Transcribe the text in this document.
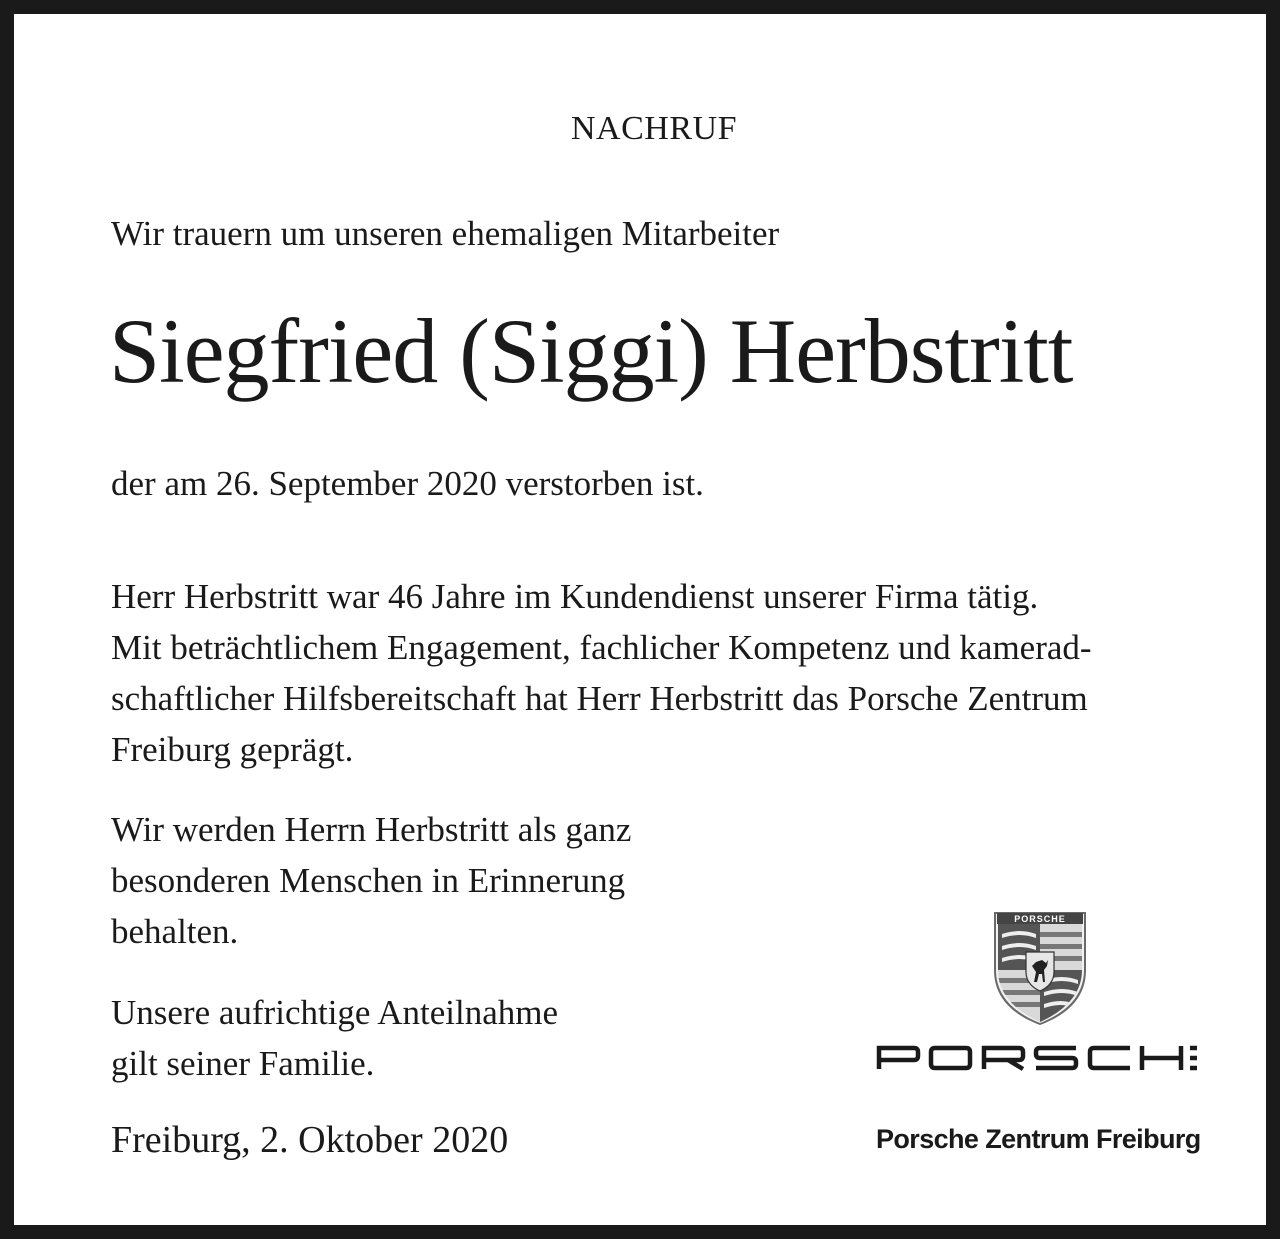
NACHRUF
Wir trauern um unseren ehemaligen Mitarbeiter
Siegfried (Siggi) Herbstritt
der am 26. September 2020 verstorben ist.
Herr Herbstritt war 46 Jahre im Kundendienst unserer Firma tätig.
Mit beträchtlichem Engagement, fachlicher Kompetenz und kamerad-
schaftlicher Hilfsbereitschaft hat Herr Herbstritt das Porsche Zentrum
Freiburg geprägt.
Wir werden Herrn Herbstritt als ganz
besonderen Menschen in Erinnerung
behalten.
Unsere aufrichtige Anteilnahme
gilt seiner Familie.
Freiburg, 2. Oktober 2020
PORSCHE
Porsche Zentrum Freiburg
